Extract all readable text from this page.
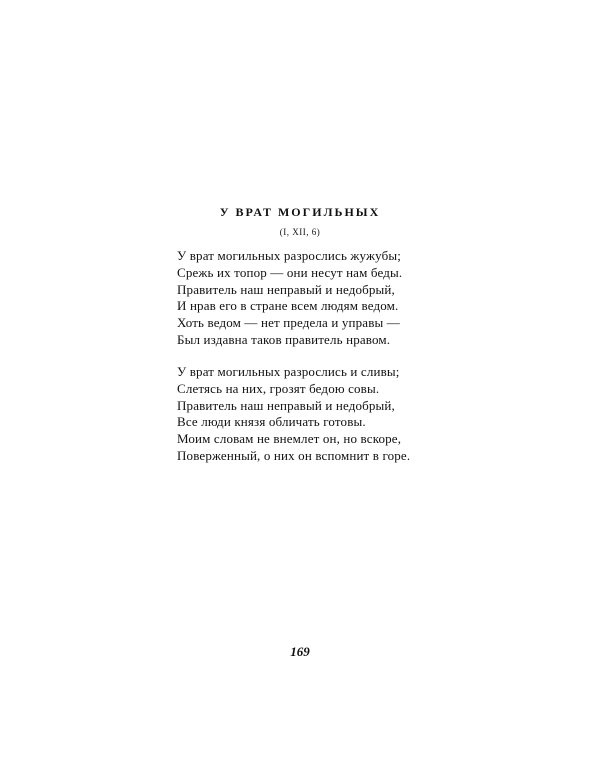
У ВРАТ МОГИЛЬНЫХ
(I, XII, 6)
У врат могильных разрослись жужубы;
Срежь их топор — они несут нам беды.
Правитель наш неправый и недобрый,
И нрав его в стране всем людям ведом.
Хоть ведом — нет предела и управы —
Был издавна таков правитель нравом.
У врат могильных разрослись и сливы;
Слетясь на них, грозят бедою совы.
Правитель наш неправый и недобрый,
Все люди князя обличать готовы.
Моим словам не внемлет он, но вскоре,
Поверженный, о них он вспомнит в горе.
169
